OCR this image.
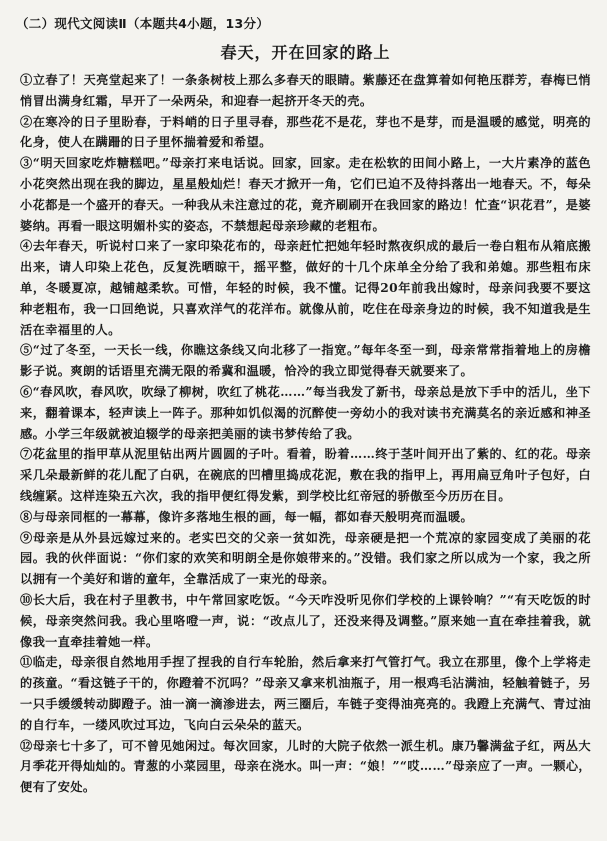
（二）现代文阅读Ⅱ（本题共4小题，13分）
春天，开在回家的路上

①立春了！天亮堂起来了！一条条树枝上那么多春天的眼睛。紫藤还在盘算着如何艳压群芳，春梅已悄悄冒出满身红霜，早开了一朵两朵，和迎春一起挤开冬天的壳。

②在寒冷的日子里盼春，于料峭的日子里寻春，那些花不是花，芽也不是芽，而是温暖的感觉，明亮的化身，使人在蹒跚的日子里怀揣着爱和希望。

③“明天回家吃炸糖糕吧。”母亲打来电话说。回家，回家。走在松软的田间小路上，一大片素净的蓝色小花突然出现在我的脚边，星星般灿烂！春天才掀开一角，它们已迫不及待抖落出一地春天。不，每朵小花都是一个盛开的春天。一种我从未注意过的花，竟齐刷刷开在我回家的路边！忙查“识花君”，是婆婆纳。再看一眼这明媚朴实的姿态，不禁想起母亲珍藏的老粗布。

④去年春天，听说村口来了一家印染花布的，母亲赶忙把她年轻时熬夜织成的最后一卷白粗布从箱底搬出来，请人印染上花色，反复洗晒晾干，摇平整，做好的十几个床单全分给了我和弟媳。那些粗布床单，冬暖夏凉，越铺越柔软。可惜，年轻的时候，我不懂。记得20年前我出嫁时，母亲问我要不要这种老粗布，我一口回绝说，只喜欢洋气的花洋布。就像从前，吃住在母亲身边的时候，我不知道我是生活在幸福里的人。

⑤“过了冬至，一天长一线，你瞧这条线又向北移了一指宽。”每年冬至一到，母亲常常指着地上的房檐影子说。爽朗的话语里充满无限的希冀和温暖，恰冷的我立即觉得春天就要来了。

⑥“春风吹，春风吹，吹绿了柳树，吹红了桃花……”每当我发了新书，母亲总是放下手中的活儿，坐下来，翻着课本，轻声读上一阵子。那种如饥似渴的沉醉使一旁幼小的我对读书充满莫名的亲近感和神圣感。小学三年级就被迫辍学的母亲把美丽的读书梦传给了我。

⑦花盆里的指甲草从泥里钻出两片圆圆的子叶。看着，盼着……终于茎叶间开出了紫的、红的花。母亲采几朵最新鲜的花儿配了白矾，在碗底的凹槽里捣成花泥，敷在我的指甲上，再用扁豆角叶子包好，白线缠紧。这样连染五六次，我的指甲便红得发紫，到学校比红帝冠的骄傲至今历历在目。

⑧与母亲同框的一幕幕，像许多落地生根的画，每一幅，都如春天般明亮而温暖。

⑨母亲是从外县远嫁过来的。老实巴交的父亲一贫如洗，母亲硬是把一个荒凉的家园变成了美丽的花园。我的伙伴面说：“你们家的欢笑和明朗全是你娘带来的。”没错。我们家之所以成为一个家，我之所以拥有一个美好和谐的童年，全靠活成了一束光的母亲。

⑩长大后，我在村子里教书，中午常回家吃饭。“今天咋没听见你们学校的上课铃响？”“有天吃饭的时候，母亲突然问我。我心里咯噔一声，说：“改点儿了，还没来得及调整。”原来她一直在牵挂着我，就像我一直牵挂着她一样。

⑪临走，母亲很自然地用手捏了捏我的自行车轮胎，然后拿来打气管打气。我立在那里，像个上学将走的孩童。“看这链子干的，你蹬着不沉吗？”母亲又拿来机油瓶子，用一根鸡毛沾满油，轻触着链子，另一只手缓缓转动脚蹬子。油一滴一滴渗进去，两三圈后，车链子变得油亮亮的。我蹬上充满气、青过油的自行车，一缕风吹过耳边，飞向白云朵朵的蓝天。

⑫母亲七十多了，可不曾见她闲过。每次回家，儿时的大院子依然一派生机。康乃馨满盆子红，两丛大月季花开得灿灿的。青葱的小菜园里，母亲在浇水。叫一声：“娘！”“哎……”母亲应了一声。一颗心，便有了安处。
